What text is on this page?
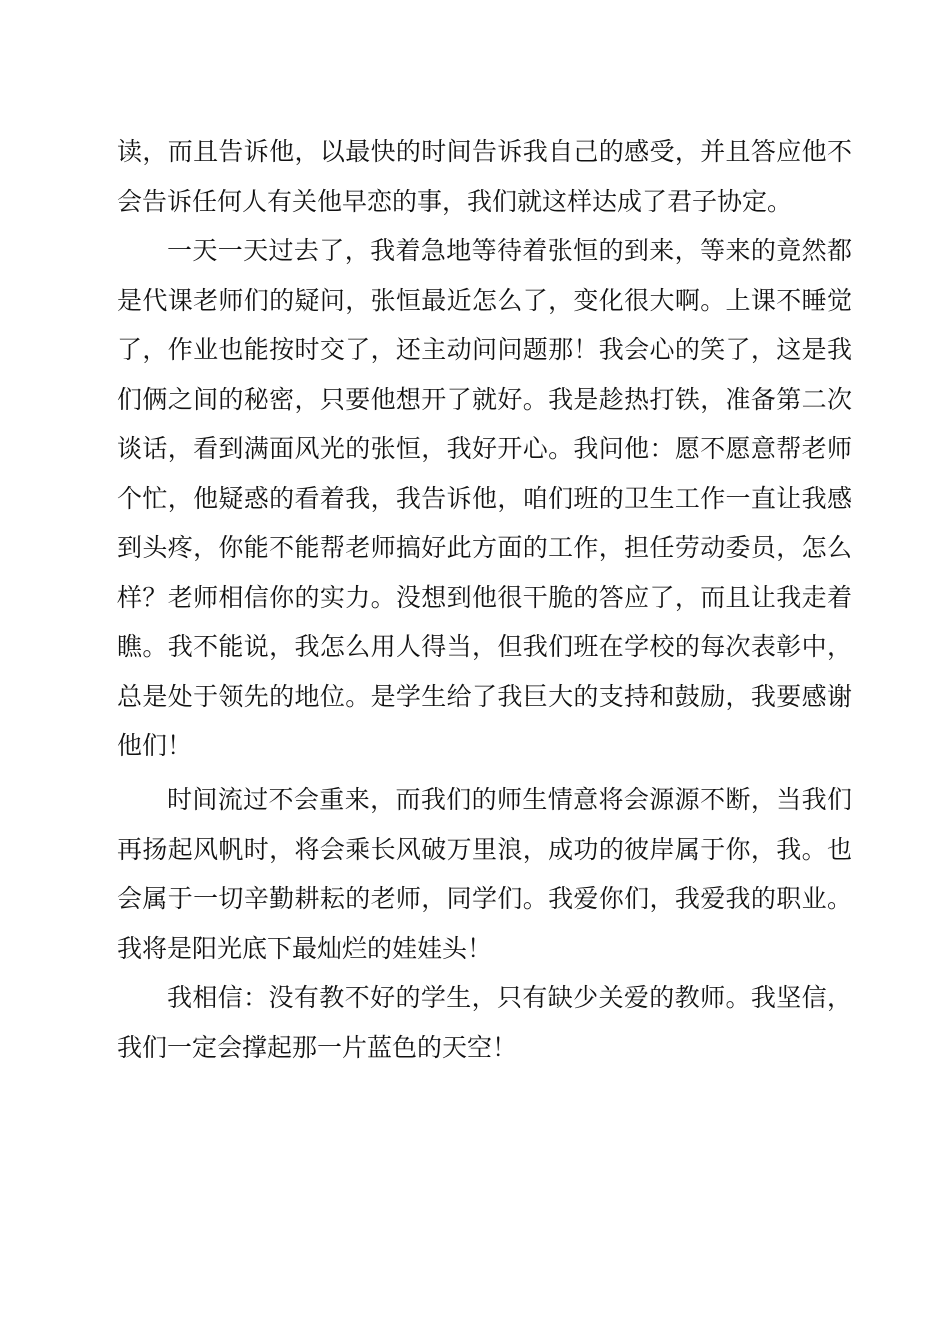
读，而且告诉他，以最快的时间告诉我自己的感受，并且答应他不会告诉任何人有关他早恋的事，我们就这样达成了君子协定。

一天一天过去了，我着急地等待着张恒的到来，等来的竟然都是代课老师们的疑问，张恒最近怎么了，变化很大啊。上课不睡觉了，作业也能按时交了，还主动问问题那！我会心的笑了，这是我们俩之间的秘密，只要他想开了就好。我是趁热打铁，准备第二次谈话，看到满面风光的张恒，我好开心。我问他：愿不愿意帮老师个忙，他疑惑的看着我，我告诉他，咱们班的卫生工作一直让我感到头疼，你能不能帮老师搞好此方面的工作，担任劳动委员，怎么样？老师相信你的实力。没想到他很干脆的答应了，而且让我走着瞧。我不能说，我怎么用人得当，但我们班在学校的每次表彰中，总是处于领先的地位。是学生给了我巨大的支持和鼓励，我要感谢他们！

时间流过不会重来，而我们的师生情意将会源源不断，当我们再扬起风帆时，将会乘长风破万里浪，成功的彼岸属于你，我。也会属于一切辛勤耕耘的老师，同学们。我爱你们，我爱我的职业。我将是阳光底下最灿烂的娃娃头！

我相信：没有教不好的学生，只有缺少关爱的教师。我坚信，我们一定会撑起那一片蓝色的天空！
